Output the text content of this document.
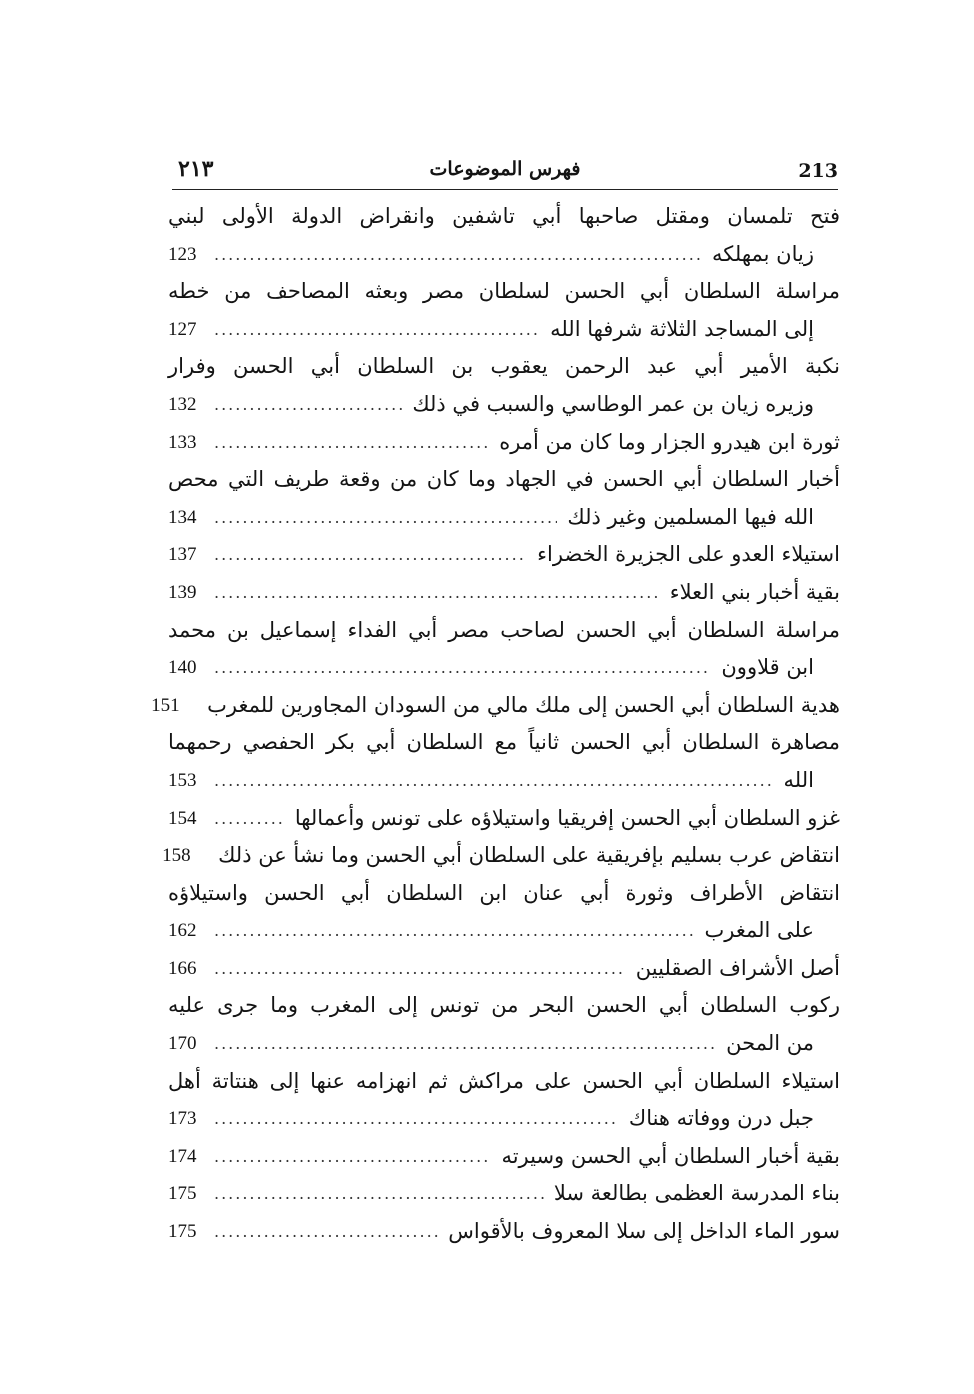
٢١٣	فهرس الموضوعات	213
فتح تلمسان ومقتل صاحبها أبي تاشفين وانقراض الدولة الأولى لبني
زيان بمهلكه
.....
123
مراسلة السلطان أبي الحسن لسلطان مصر وبعثه المصاحف من خطه
إلى المساجد الثلاثة شرفها الله
.....
127
نكبة الأمير أبي عبد الرحمن يعقوب بن السلطان أبي الحسن وفرار
وزيره زيان بن عمر الوطاسي والسبب في ذلك
.....
132
ثورة ابن هيدرو الجزار وما كان من أمره
.....
133
أخبار السلطان أبي الحسن في الجهاد وما كان من وقعة طريف التي محص
الله فيها المسلمين وغير ذلك
.....
134
استيلاء العدو على الجزيرة الخضراء
.....
137
بقية أخبار بني العلاء
.....
139
مراسلة السلطان أبي الحسن لصاحب مصر أبي الفداء إسماعيل بن محمد
ابن قلاوون
.....
140
هدية السلطان أبي الحسن إلى ملك مالي من السودان المجاورين للمغرب
151
مصاهرة السلطان أبي الحسن ثانياً مع السلطان أبي بكر الحفصي رحمهما
الله
.....
153
غزو السلطان أبي الحسن إفريقيا واستيلاؤه على تونس وأعمالها
.....
154
انتقاض عرب بسليم بإفريقية على السلطان أبي الحسن وما نشأ عن ذلك
158
انتقاض الأطراف وثورة أبي عنان ابن السلطان أبي الحسن واستيلاؤه
على المغرب
.....
162
أصل الأشراف الصقليين
.....
166
ركوب السلطان أبي الحسن البحر من تونس إلى المغرب وما جرى عليه
من المحن
.....
170
استيلاء السلطان أبي الحسن على مراكش ثم انهزامه عنها إلى هنتاتة أهل
جبل درن ووفاته هناك
.....
173
بقية أخبار السلطان أبي الحسن وسيرته
.....
174
بناء المدرسة العظمى بطالعة سلا
.....
175
سور الماء الداخل إلى سلا المعروف بالأقواس
.....
175
